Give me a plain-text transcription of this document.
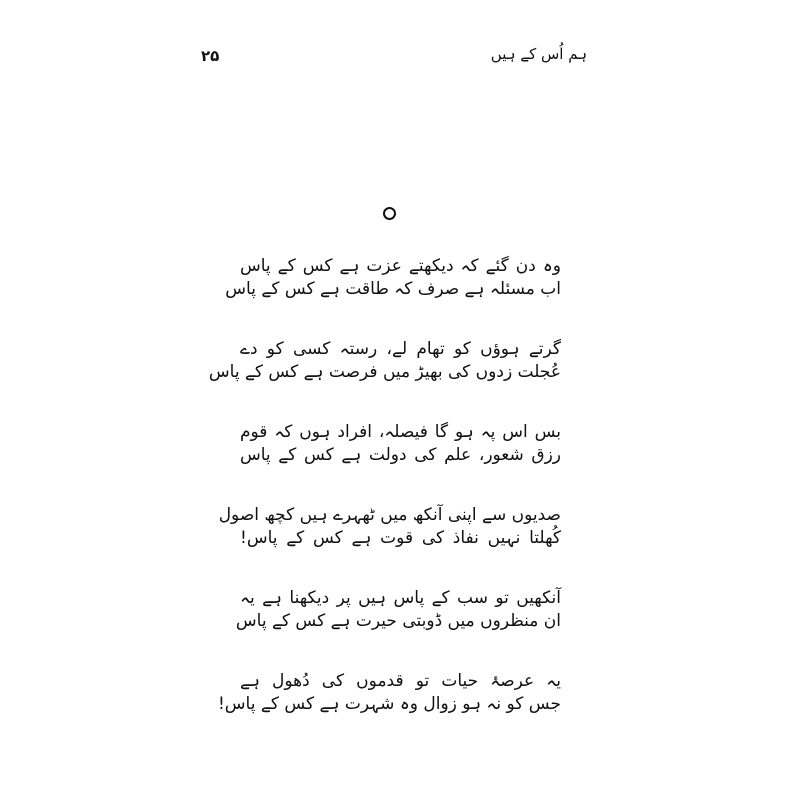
۲۵	ہم اُس کے ہیں
وہ دن گئے کہ دیکھتے عزت ہے کس کے پاس
اب مسئلہ ہے صرف کہ طاقت ہے کس کے پاس
گرتے ہوؤں کو تھام لے، رستہ کسی کو دے
عُجلت زدوں کی بھیڑ میں فرصت ہے کس کے پاس
بس اس پہ ہو گا فیصلہ، افراد ہوں کہ قوم
رزق شعور، علم کی دولت ہے کس کے پاس
صدیوں سے اپنی آنکھ میں ٹھہرے ہیں کچھ اصول
کُھلتا نہیں نفاذ کی قوت ہے کس کے پاس!
آنکھیں تو سب کے پاس ہیں پر دیکھنا ہے یہ
ان منظروں میں ڈوبتی حیرت ہے کس کے پاس
یہ عرصۂ حیات تو قدموں کی دُھول ہے
جس کو نہ ہو زوال وہ شہرت ہے کس کے پاس!
